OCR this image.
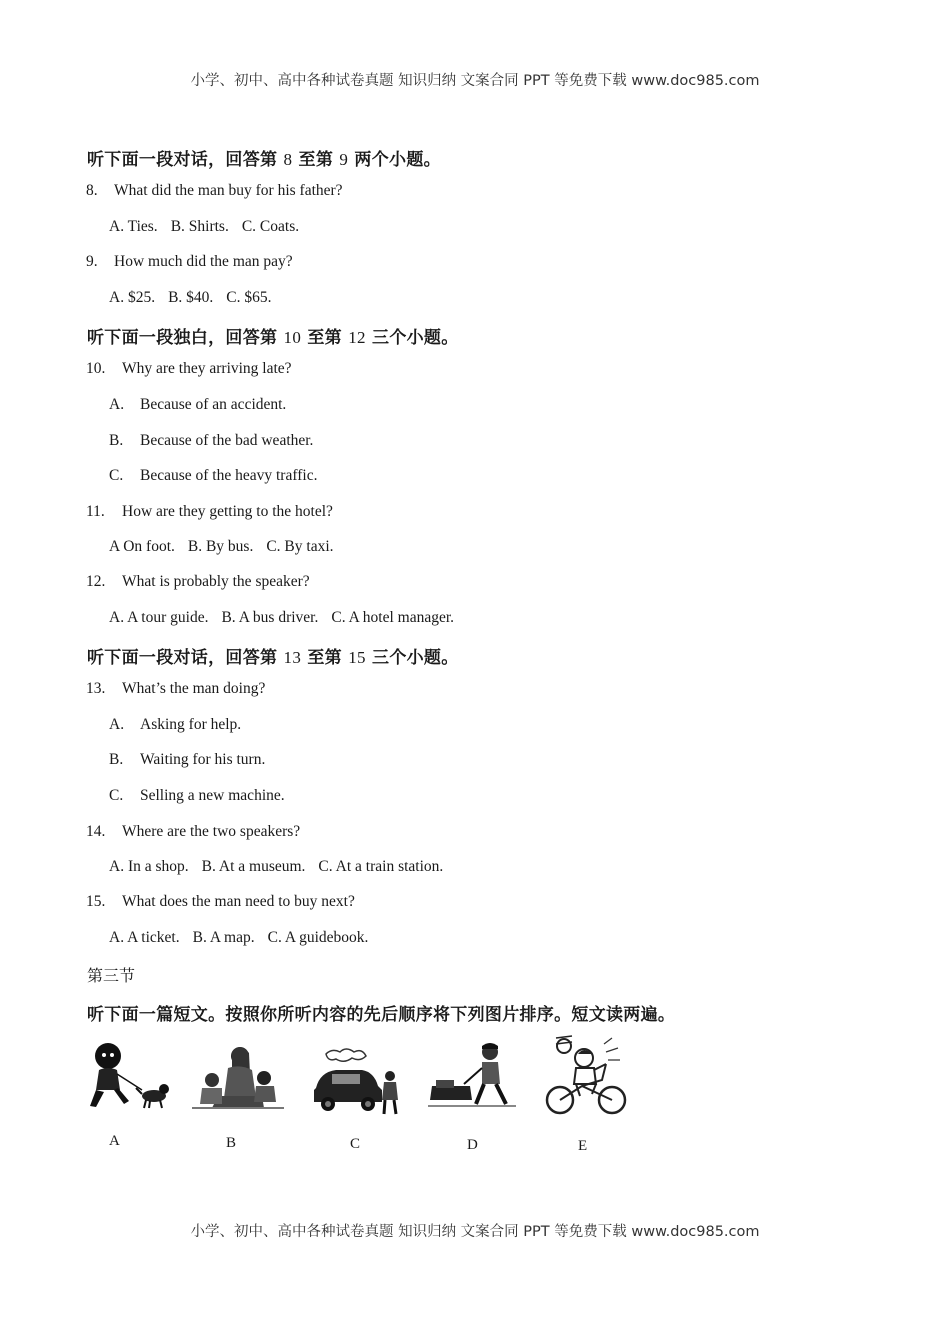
小学、初中、高中各种试卷真题 知识归纳 文案合同 PPT 等免费下载 www.doc985.com
听下面一段对话，回答第 8 至第 9 两个小题。
8. What did the man buy for his father?
A. Ties. B. Shirts. C. Coats.
9. How much did the man pay?
A. $25. B. $40. C. $65.
听下面一段独白，回答第 10 至第 12 三个小题。
10. Why are they arriving late?
A. Because of an accident.
B. Because of the bad weather.
C. Because of the heavy traffic.
11. How are they getting to the hotel?
A On foot. B. By bus. C. By taxi.
12. What is probably the speaker?
A. A tour guide. B. A bus driver. C. A hotel manager.
听下面一段对话，回答第 13 至第 15 三个小题。
13. What’s the man doing?
A. Asking for help.
B. Waiting for his turn.
C. Selling a new machine.
14. Where are the two speakers?
A. In a shop. B. At a museum. C. At a train station.
15. What does the man need to buy next?
A. A ticket. B. A map. C. A guidebook.
第三节
听下面一篇短文。按照你所听内容的先后顺序将下列图片排序。短文读两遍。
A	B	C	D	E
小学、初中、高中各种试卷真题 知识归纳 文案合同 PPT 等免费下载 www.doc985.com
